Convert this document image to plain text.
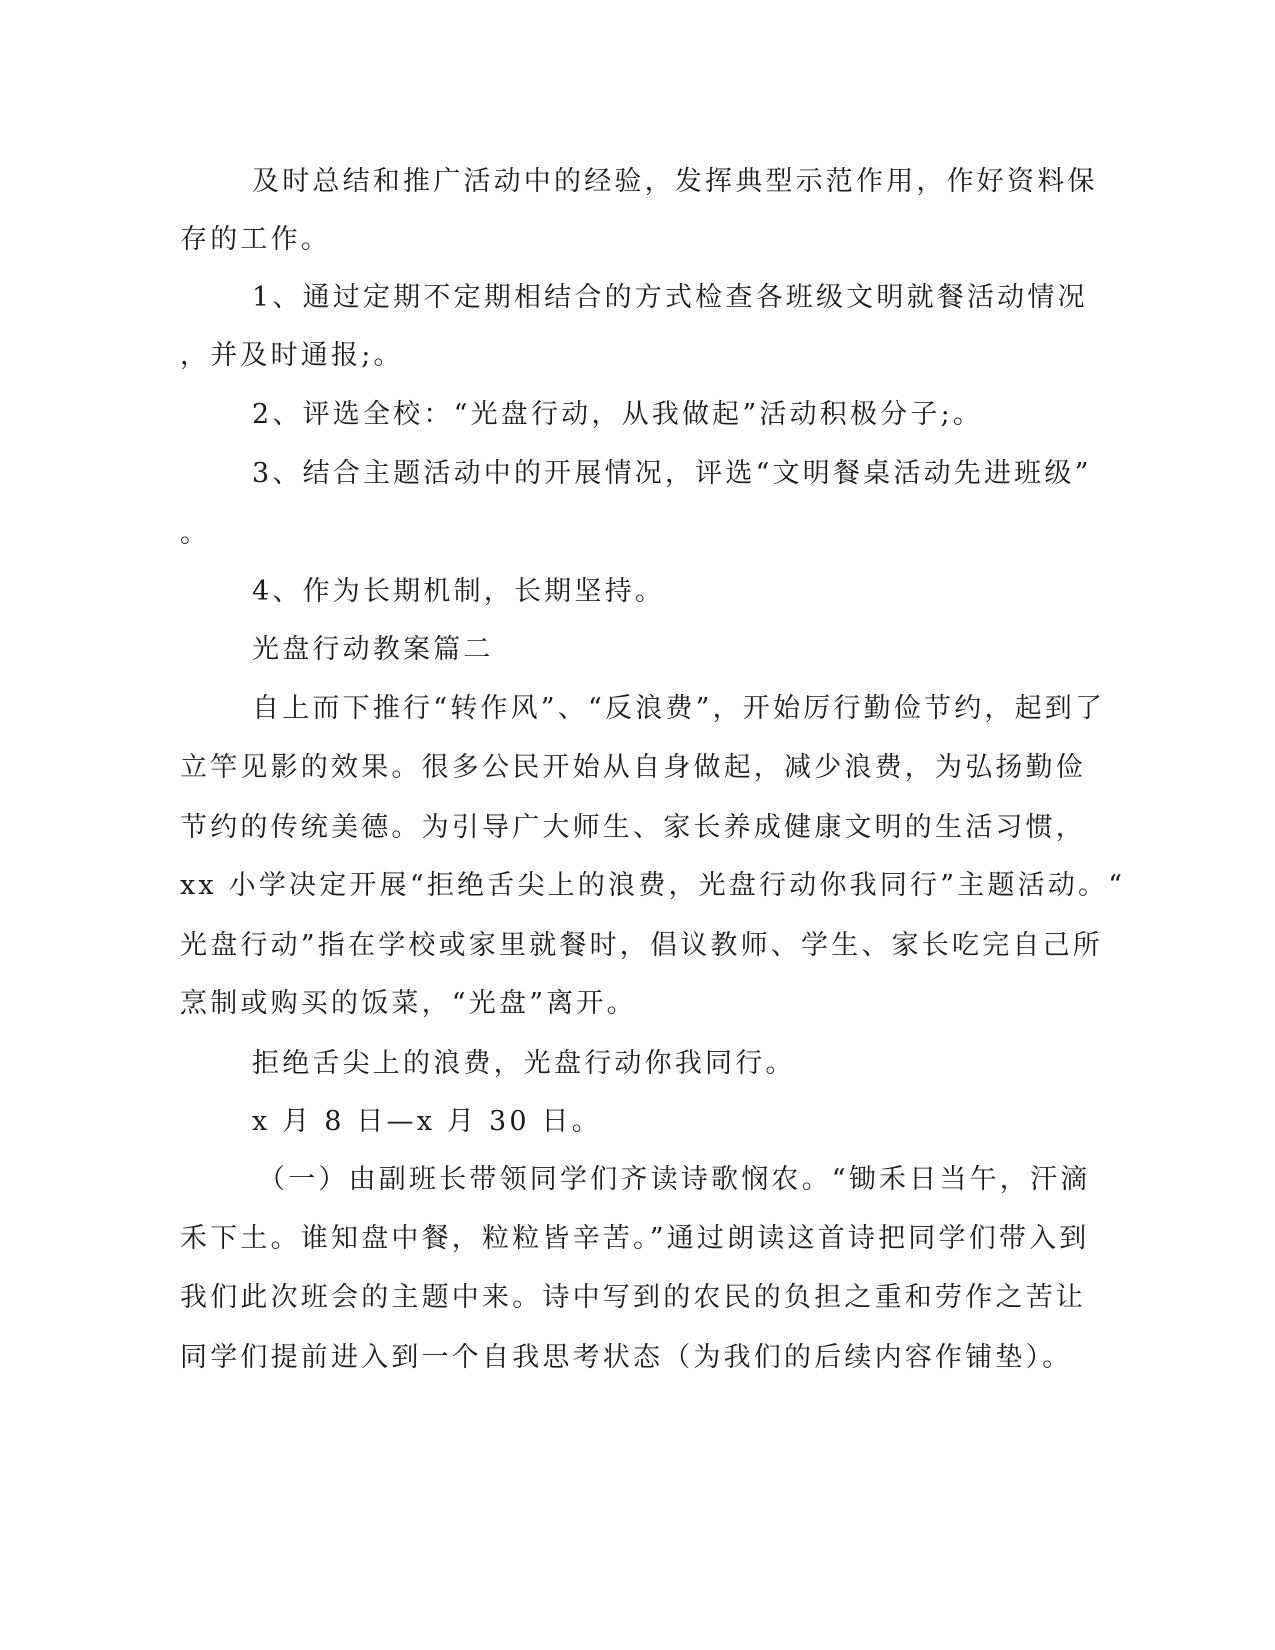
及时总结和推广活动中的经验，发挥典型示范作用，作好资料保
存的工作。
1、通过定期不定期相结合的方式检查各班级文明就餐活动情况
，并及时通报;。
2、评选全校：“光盘行动，从我做起”活动积极分子;。
3、结合主题活动中的开展情况，评选“文明餐桌活动先进班级”
。
4、作为长期机制，长期坚持。
光盘行动教案篇二
自上而下推行“转作风”、“反浪费”，开始厉行勤俭节约，起到了
立竿见影的效果。很多公民开始从自身做起，减少浪费，为弘扬勤俭
节约的传统美德。为引导广大师生、家长养成健康文明的生活习惯，
xx 小学决定开展“拒绝舌尖上的浪费，光盘行动你我同行”主题活动。“
光盘行动”指在学校或家里就餐时，倡议教师、学生、家长吃完自己所
烹制或购买的饭菜，“光盘”离开。
拒绝舌尖上的浪费，光盘行动你我同行。
x 月 8 日—x 月 30 日。
（一）由副班长带领同学们齐读诗歌悯农。“锄禾日当午，汗滴
禾下土。谁知盘中餐，粒粒皆辛苦。”通过朗读这首诗把同学们带入到
我们此次班会的主题中来。诗中写到的农民的负担之重和劳作之苦让
同学们提前进入到一个自我思考状态（为我们的后续内容作铺垫）。
